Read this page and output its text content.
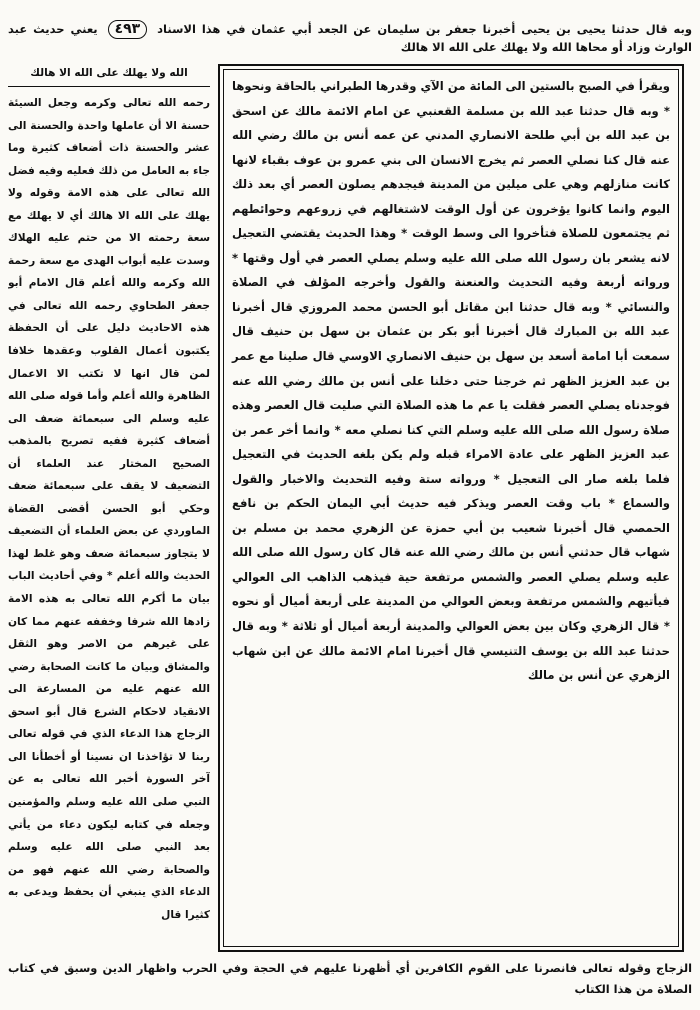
وبه قال حدثنا يحيى بن يحيى أخبرنا جعفر بن سليمان عن الجعد أبي عثمان في هذا الاسناد ٤٩٣ يعني حديث عبد الوارث وزاد أو محاها الله ولا يهلك على الله الا هالك
ويقرأ في الصبح بالستين الى المائة من الآي وقدرها الطبراني بالحاقة ونحوها * وبه قال حدثنا عبد الله بن مسلمة القعنبي عن امام الائمة مالك عن اسحق بن عبد الله بن أبي طلحة الانصاري المدني عن عمه أنس بن مالك رضي الله عنه قال كنا نصلي العصر ثم يخرج الانسان الى بني عمرو بن عوف بقباء لانها كانت منازلهم وهي على ميلين من المدينة فيجدهم يصلون العصر أي بعد ذلك اليوم وانما كانوا يؤخرون عن أول الوقت لاشتغالهم في زروعهم وحوائطهم ثم يجتمعون للصلاة فتأخروا الى وسط الوقت * وهذا الحديث يقتضي التعجيل لانه يشعر بان رسول الله صلى الله عليه وسلم يصلي العصر في أول وقتها * ورواته أربعة وفيه التحديث والعنعنة والقول وأخرجه المؤلف في الصلاة والنسائي * وبه قال حدثنا ابن مقاتل أبو الحسن محمد المروزي قال أخبرنا عبد الله بن المبارك قال أخبرنا أبو بكر بن عثمان بن سهل بن حنيف قال سمعت أبا امامة أسعد بن سهل بن حنيف الانصاري الاوسي قال صلينا مع عمر بن عبد العزيز الظهر ثم خرجنا حتى دخلنا على أنس بن مالك رضي الله عنه فوجدناه يصلي العصر فقلت يا عم ما هذه الصلاة التي صليت قال العصر وهذه صلاة رسول الله صلى الله عليه وسلم التي كنا نصلي معه * وانما أخر عمر بن عبد العزيز الظهر على عادة الامراء قبله ولم يكن بلغه الحديث في التعجيل فلما بلغه صار الى التعجيل * ورواته ستة وفيه التحديث والاخبار والقول والسماع * باب وقت العصر ويذكر فيه حديث أبي اليمان الحكم بن نافع الحمصي قال أخبرنا شعيب بن أبي حمزة عن الزهري محمد بن مسلم بن شهاب قال حدثني أنس بن مالك رضي الله عنه قال كان رسول الله صلى الله عليه وسلم يصلي العصر والشمس مرتفعة حية فيذهب الذاهب الى العوالي فيأتيهم والشمس مرتفعة وبعض العوالي من المدينة على أربعة أميال أو نحوه * قال الزهري وكان بين بعض العوالي والمدينة أربعة أميال أو ثلاثة * وبه قال حدثنا عبد الله بن يوسف التنيسي قال أخبرنا امام الائمة مالك عن ابن شهاب الزهري عن أنس بن مالك
الله ولا يهلك على الله الا هالك
رحمه الله تعالى وكرمه وجعل السيئة حسنة الا أن عاملها واحدة والحسنة الى عشر والحسنة ذات أضعاف كثيرة وما جاء به العامل من ذلك فعليه وفيه فضل الله تعالى على هذه الامة وقوله ولا يهلك على الله الا هالك أي لا يهلك مع سعة رحمته الا من حتم عليه الهلاك وسدت عليه أبواب الهدى مع سعة رحمة الله وكرمه والله أعلم قال الامام أبو جعفر الطحاوي رحمه الله تعالى في هذه الاحاديث دليل على أن الحفظة يكتبون أعمال القلوب وعقدها خلافا لمن قال انها لا تكتب الا الاعمال الظاهرة والله أعلم وأما قوله صلى الله عليه وسلم الى سبعمائة ضعف الى أضعاف كثيرة ففيه تصريح بالمذهب الصحيح المختار عند العلماء أن التضعيف لا يقف على سبعمائة ضعف وحكي أبو الحسن أقضى القضاة الماوردي عن بعض العلماء أن التضعيف لا يتجاوز سبعمائة ضعف وهو غلط لهذا الحديث والله أعلم * وفي أحاديث الباب بيان ما أكرم الله تعالى به هذه الامة زادها الله شرفا وخففه عنهم مما كان على غيرهم من الاصر وهو الثقل والمشاق وبيان ما كانت الصحابة رضي الله عنهم عليه من المسارعة الى الانقياد لاحكام الشرع قال أبو اسحق الزجاج هذا الدعاء الذي في قوله تعالى ربنا لا تؤاخذنا ان نسينا أو أخطأنا الى آخر السورة أخبر الله تعالى به عن النبي صلى الله عليه وسلم والمؤمنين وجعله في كتابه ليكون دعاء من يأتي بعد النبي صلى الله عليه وسلم والصحابة رضي الله عنهم فهو من الدعاء الذي ينبغي أن يحفظ ويدعى به كثيرا قال
الزجاج وقوله تعالى فانصرنا على القوم الكافرين أي أظهرنا عليهم في الحجة وفي الحرب واظهار الدين وسبق في كتاب الصلاة من هذا الكتاب
